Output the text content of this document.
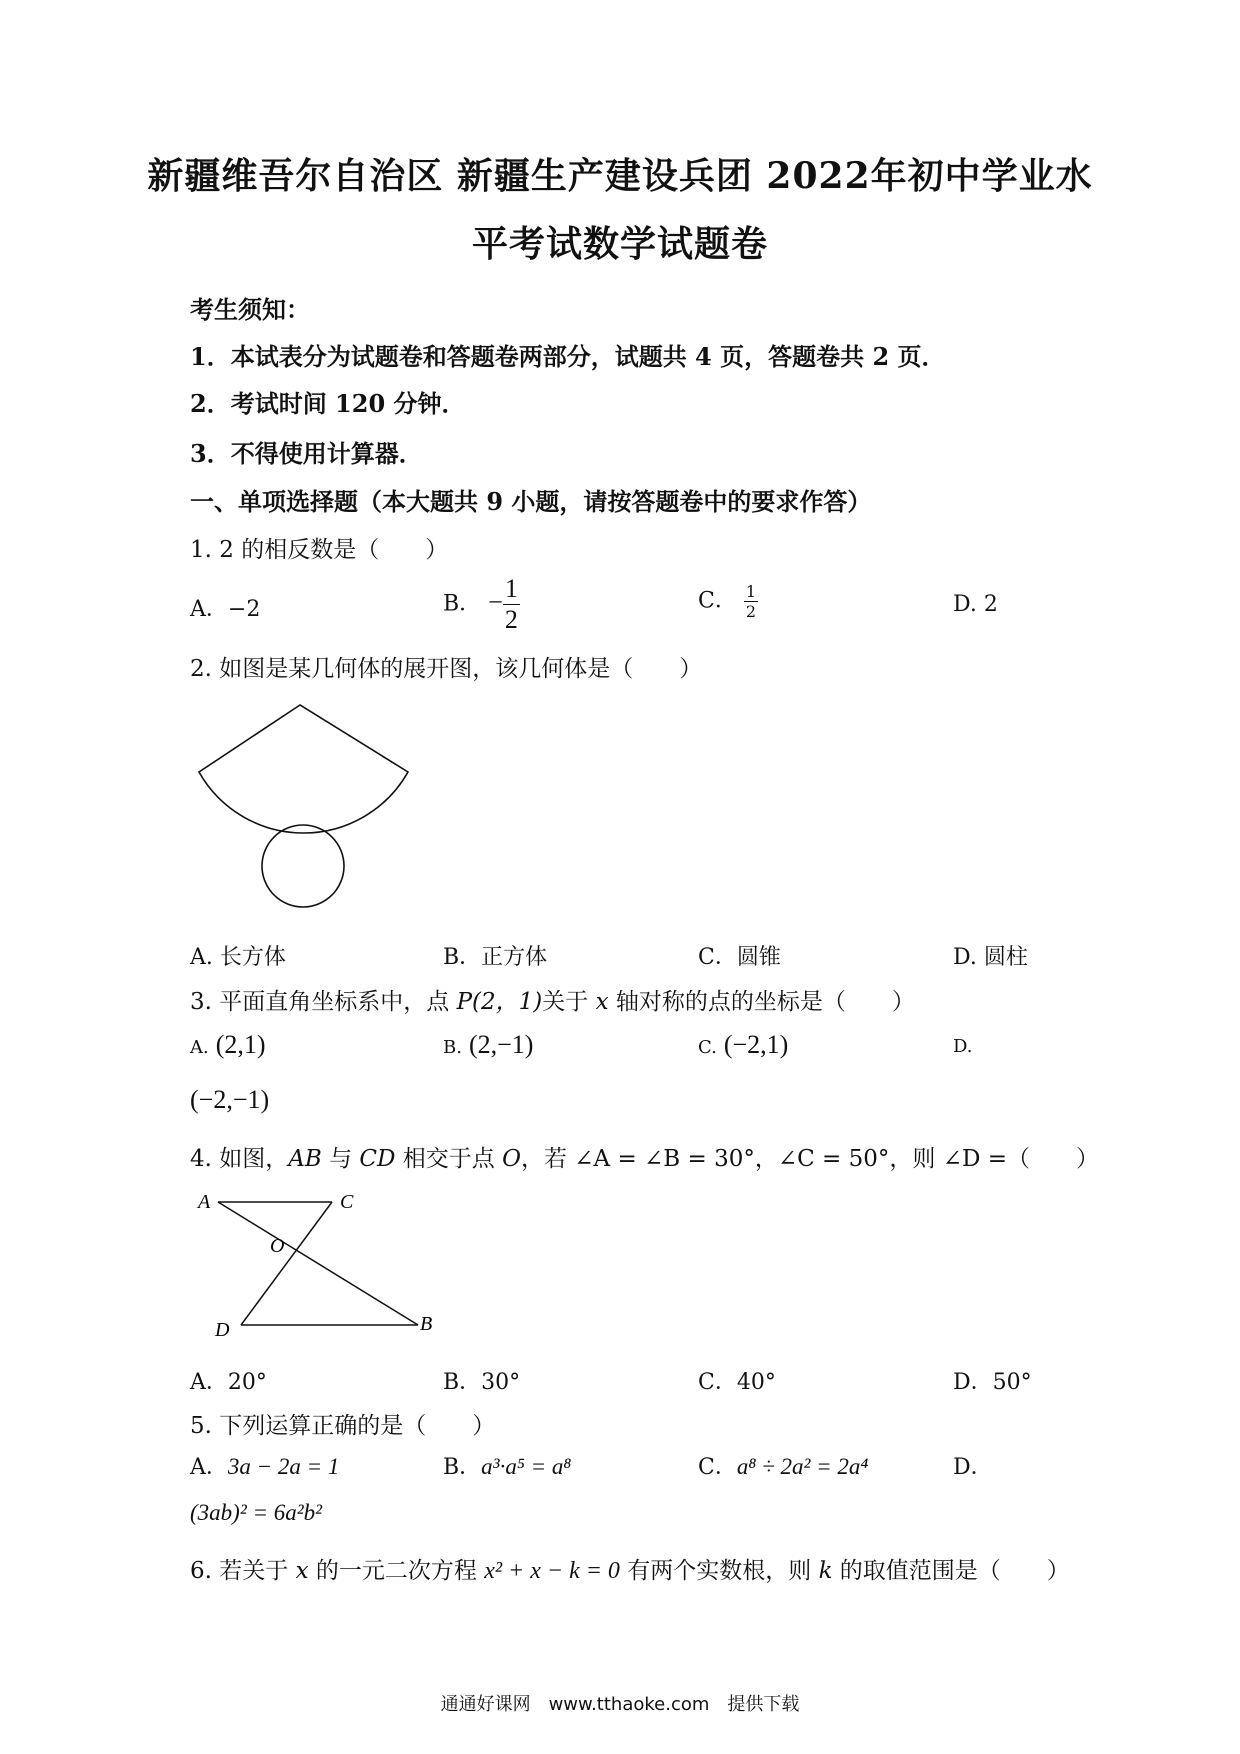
新疆维吾尔自治区 新疆生产建设兵团 2022年初中学业水
平考试数学试题卷
考生须知：
1．本试表分为试题卷和答题卷两部分，试题共 4 页，答题卷共 2 页．
2．考试时间 120 分钟．
3．不得使用计算器．
一、单项选择题（本大题共 9 小题，请按答题卷中的要求作答）
1. 2 的相反数是（　　）
A．−2	B． − $\frac{1}{2}$	C． $\frac{1}{2}$	D. 2
2. 如图是某几何体的展开图，该几何体是（　　）
A. 长方体	B．正方体	C．圆锥	D. 圆柱
3. 平面直角坐标系中，点 P(2，1)关于 x 轴对称的点的坐标是（　　）
A. (2,1)	B. (2,−1)	C. (−2,1)	D.
(−2,−1)
4. 如图，AB 与 CD 相交于点 O，若 ∠A = ∠B = 30°，∠C = 50°，则 ∠D =（　　）
A	C
O
D	B
A．20°	B．30°	C．40°	D．50°
5. 下列运算正确的是（　　）
A．3a − 2a = 1	B．a³·a⁵ = a⁸	C．a⁸ ÷ 2a² = 2a⁴	D．
(3ab)² = 6a²b²
6. 若关于 x 的一元二次方程 x² + x − k = 0 有两个实数根，则 k 的取值范围是（　　）
通通好课网　www.tthaoke.com　提供下载
